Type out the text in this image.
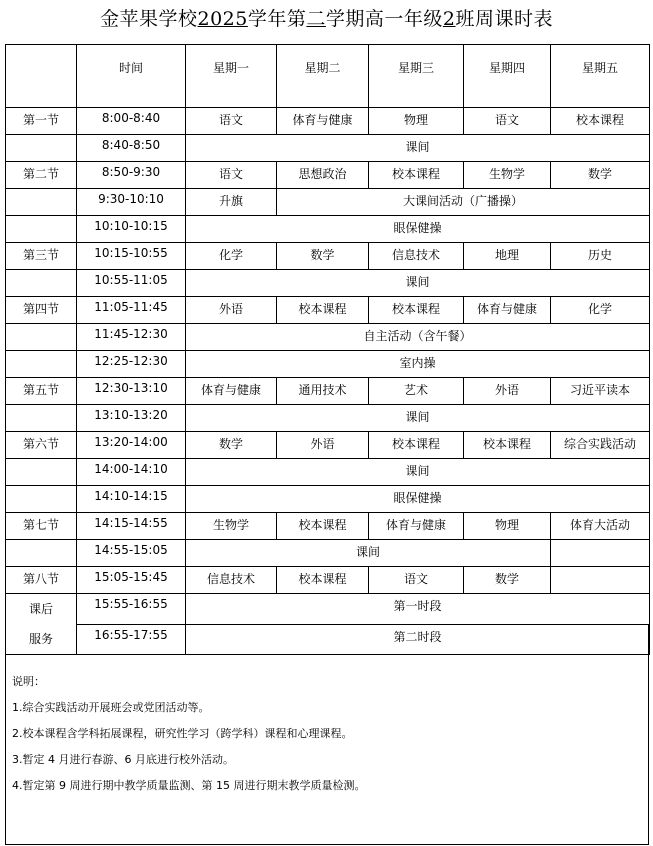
金苹果学校2025学年第二学期高一年级2班周课时表
	时间	星期一	星期二	星期三	星期四	星期五
第一节	8:00-8:40	语文	体育与健康	物理	语文	校本课程
	8:40-8:50	课间				
第二节	8:50-9:30	语文	思想政治	校本课程	生物学	数学
	9:30-10:10	升旗	大课间活动（广播操）			
	10:10-10:15	眼保健操				
第三节	10:15-10:55	化学	数学	信息技术	地理	历史
	10:55-11:05	课间				
第四节	11:05-11:45	外语	校本课程	校本课程	体育与健康	化学
	11:45-12:30	自主活动（含午餐）				
	12:25-12:30	室内操				
第五节	12:30-13:10	体育与健康	通用技术	艺术	外语	习近平读本
	13:10-13:20	课间				
第六节	13:20-14:00	数学	外语	校本课程	校本课程	综合实践活动
	14:00-14:10	课间				
	14:10-14:15	眼保健操				
第七节	14:15-14:55	生物学	校本课程	体育与健康	物理	体育大活动
	14:55-15:05	课间				
第八节	15:05-15:45	信息技术	校本课程	语文	数学	

课后
服务	15:55-16:55	第一时段				
	16:55-17:55	第二时段				
说明：
1.综合实践活动开展班会或党团活动等。
2.校本课程含学科拓展课程，研究性学习（跨学科）课程和心理课程。
3.暂定 4 月进行春游、6 月底进行校外活动。
4.暂定第 9 周进行期中教学质量监测、第 15 周进行期末教学质量检测。
